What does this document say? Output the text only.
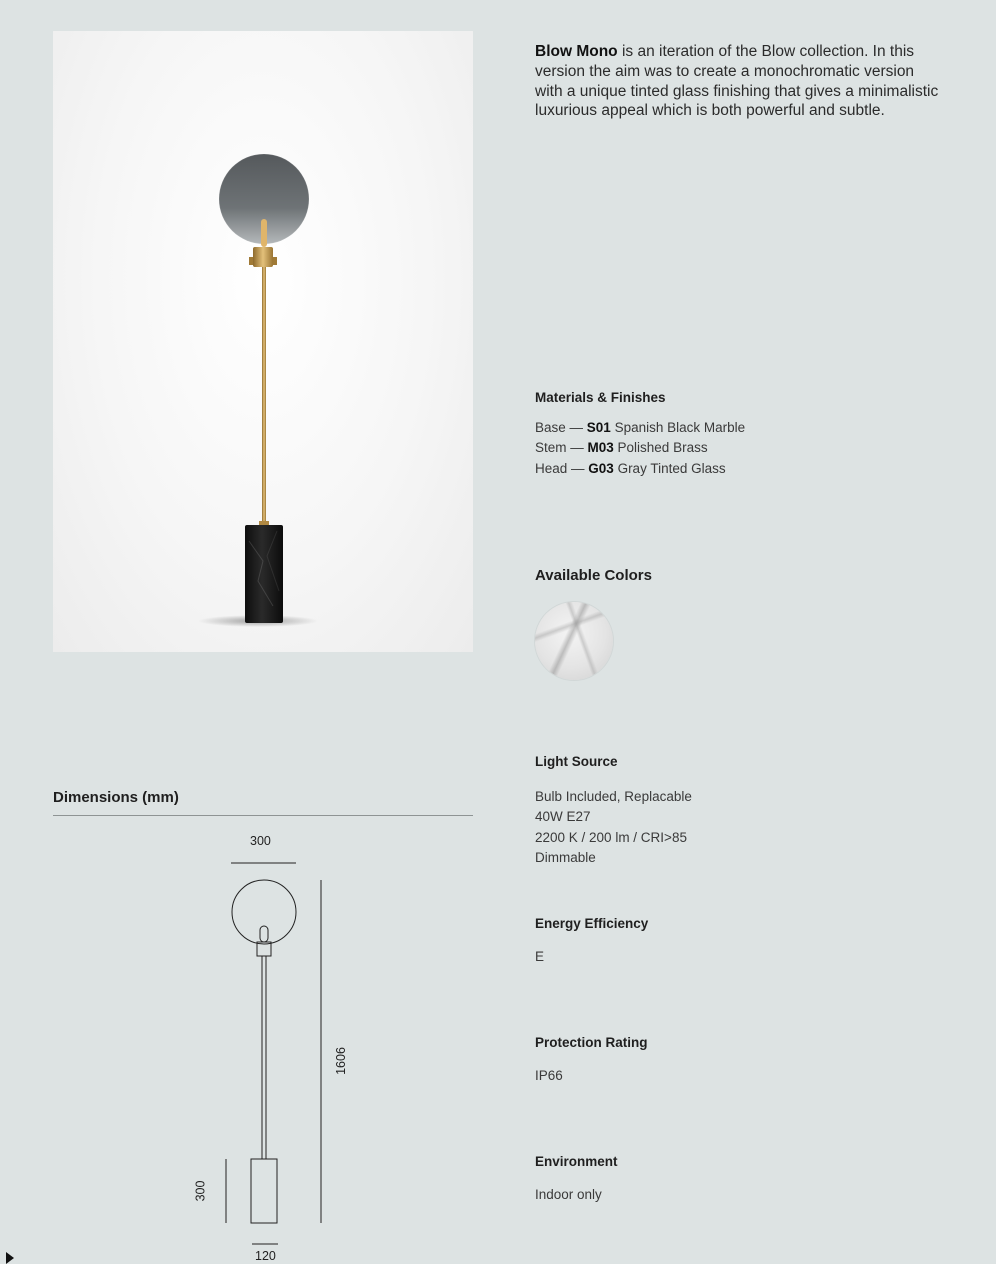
Blow Mono is an iteration of the Blow collection. In this version the aim was to create a monochromatic version with a unique tinted glass finishing that gives a minimalistic luxurious appeal which is both powerful and subtle.
Materials & Finishes
Base — S01 Spanish Black Marble
Stem — M03 Polished Brass
Head — G03 Gray Tinted Glass
Available Colors
Light Source
Bulb Included, Replacable
40W E27
2200 K / 200 lm / CRI>85
Dimmable
Energy Efficiency
E
Protection Rating
IP66
Environment
Indoor only
Dimensions (mm)
300
1606
300
120
